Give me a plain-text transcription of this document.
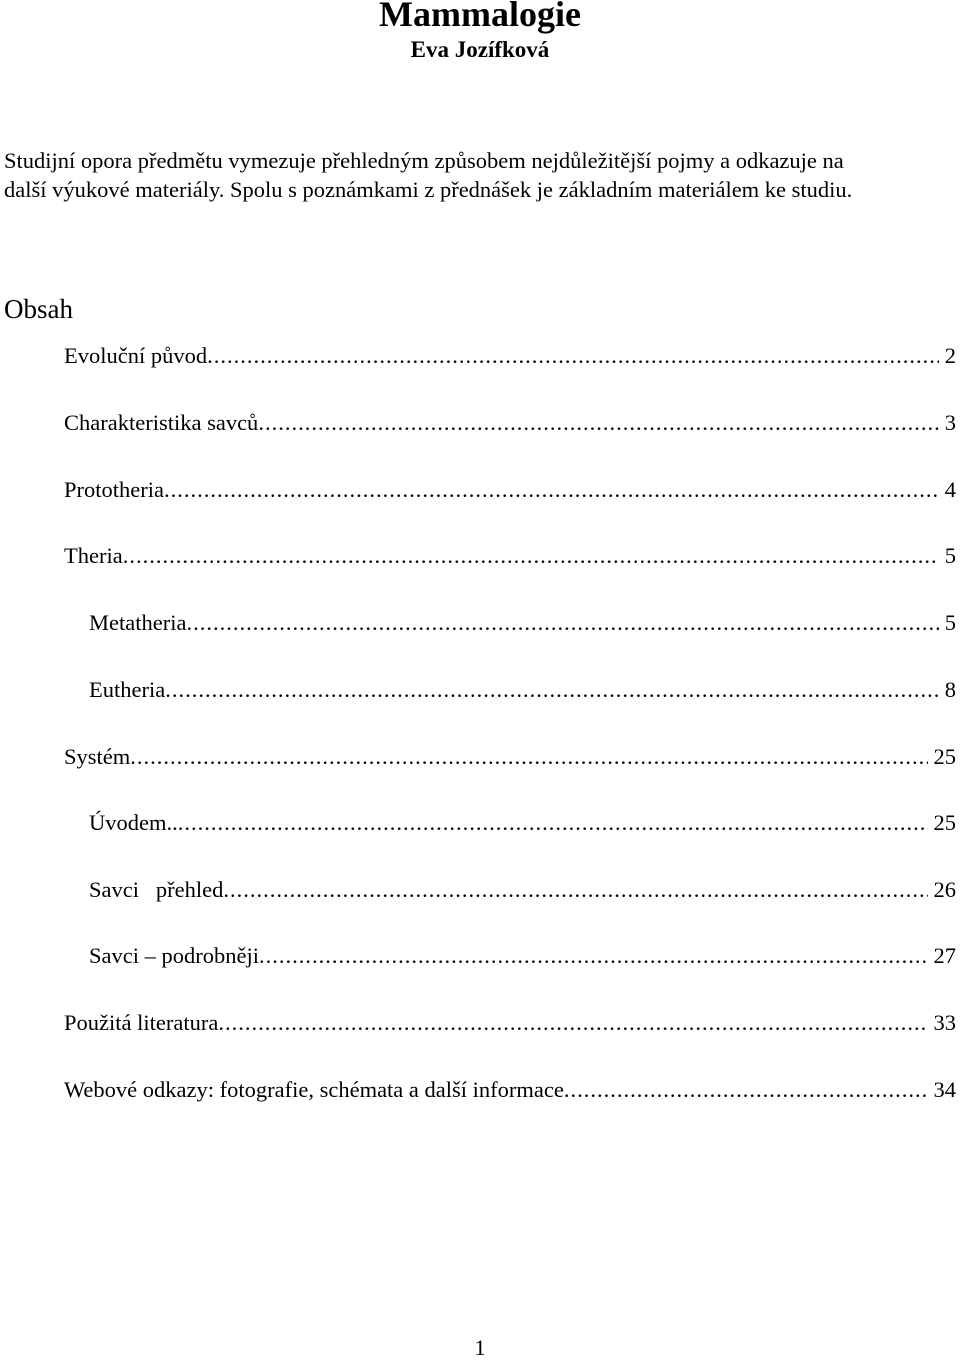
Mammalogie
Eva Jozífková

Studijní opora předmětu vymezuje přehledným způsobem nejdůležitější pojmy a odkazuje na
další výukové materiály. Spolu s poznámkami z přednášek je základním materiálem ke studiu.

Obsah
Evoluční původ .....	2
Charakteristika savců .....	3
Prototheria .....	4
Theria .....	5
Metatheria .....	5
Eutheria .....	8
Systém .....	25
Úvodem.. .....	25
Savci   přehled .....	26
Savci – podrobněji .....	27
Použitá literatura .....	33
Webové odkazy: fotografie, schémata a další informace .....	34
1
